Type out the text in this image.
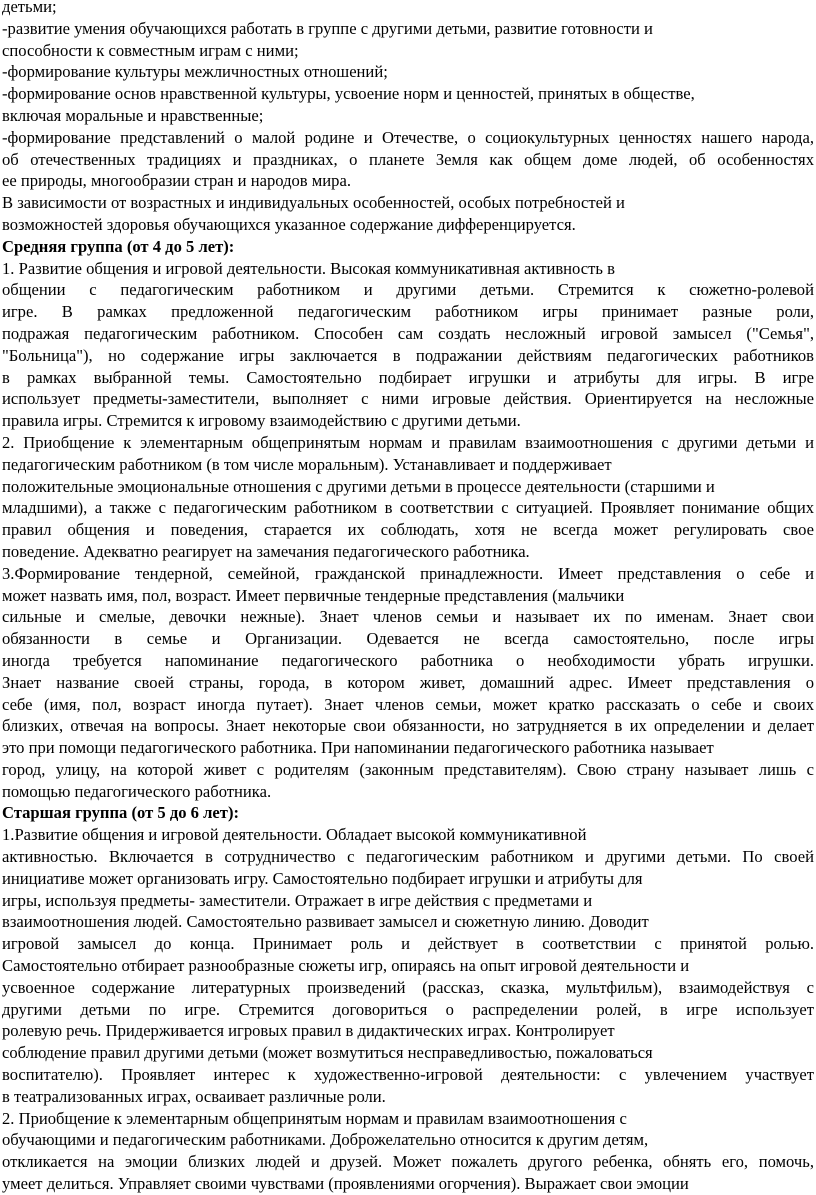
детьми;
-развитие умения обучающихся работать в группе с другими детьми, развитие готовности и
способности к совместным играм с ними;
-формирование культуры межличностных отношений;
-формирование основ нравственной культуры, усвоение норм и ценностей, принятых в обществе,
включая моральные и нравственные;
-формирование представлений о малой родине и Отечестве, о социокультурных ценностях нашего народа,
об отечественных традициях и праздниках, о планете Земля как общем доме людей, об особенностях
ее природы, многообразии стран и народов мира.
В зависимости от возрастных и индивидуальных особенностей, особых потребностей и
возможностей здоровья обучающихся указанное содержание дифференцируется.
Средняя группа (от 4 до 5 лет):
1. Развитие общения и игровой деятельности. Высокая коммуникативная активность в
общении с педагогическим работником и другими детьми. Стремится к сюжетно-ролевой
игре. В рамках предложенной педагогическим работником игры принимает разные роли,
подражая педагогическим работником. Способен сам создать несложный игровой замысел ("Семья",
"Больница"), но содержание игры заключается в подражании действиям педагогических работников
в рамках выбранной темы. Самостоятельно подбирает игрушки и атрибуты для игры. В игре
использует предметы-заместители, выполняет с ними игровые действия. Ориентируется на несложные
правила игры. Стремится к игровому взаимодействию с другими детьми.
2. Приобщение к элементарным общепринятым нормам и правилам взаимоотношения с другими детьми и
педагогическим работником (в том числе моральным). Устанавливает и поддерживает
положительные эмоциональные отношения с другими детьми в процессе деятельности (старшими и
младшими), а также с педагогическим работником в соответствии с ситуацией. Проявляет понимание общих
правил общения и поведения, старается их соблюдать, хотя не всегда может регулировать свое
поведение. Адекватно реагирует на замечания педагогического работника.
3.Формирование тендерной, семейной, гражданской принадлежности. Имеет представления о себе и
может назвать имя, пол, возраст. Имеет первичные тендерные представления (мальчики
сильные и смелые, девочки нежные). Знает членов семьи и называет их по именам. Знает свои
обязанности в семье и Организации. Одевается не всегда самостоятельно, после игры
иногда требуется напоминание педагогического работника о необходимости убрать игрушки.
Знает название своей страны, города, в котором живет, домашний адрес. Имеет представления о
себе (имя, пол, возраст иногда путает). Знает членов семьи, может кратко рассказать о себе и своих
близких, отвечая на вопросы. Знает некоторые свои обязанности, но затрудняется в их определении и делает
это при помощи педагогического работника. При напоминании педагогического работника называет
город, улицу, на которой живет с родителям (законным представителям). Свою страну называет лишь с
помощью педагогического работника.
Старшая группа (от 5 до 6 лет):
1.Развитие общения и игровой деятельности. Обладает высокой коммуникативной
активностью. Включается в сотрудничество с педагогическим работником и другими детьми. По своей
инициативе может организовать игру. Самостоятельно подбирает игрушки и атрибуты для
игры, используя предметы- заместители. Отражает в игре действия с предметами и
взаимоотношения людей. Самостоятельно развивает замысел и сюжетную линию. Доводит
игровой замысел до конца. Принимает роль и действует в соответствии с принятой ролью.
Самостоятельно отбирает разнообразные сюжеты игр, опираясь на опыт игровой деятельности и
усвоенное содержание литературных произведений (рассказ, сказка, мультфильм), взаимодействуя с
другими детьми по игре. Стремится договориться о распределении ролей, в игре использует
ролевую речь. Придерживается игровых правил в дидактических играх. Контролирует
соблюдение правил другими детьми (может возмутиться несправедливостью, пожаловаться
воспитателю). Проявляет интерес к художественно-игровой деятельности: с увлечением участвует
в театрализованных играх, осваивает различные роли.
2. Приобщение к элементарным общепринятым нормам и правилам взаимоотношения с
обучающими и педагогическим работниками. Доброжелательно относится к другим детям,
откликается на эмоции близких людей и друзей. Может пожалеть другого ребенка, обнять его, помочь,
умеет делиться. Управляет своими чувствами (проявлениями огорчения). Выражает свои эмоции
